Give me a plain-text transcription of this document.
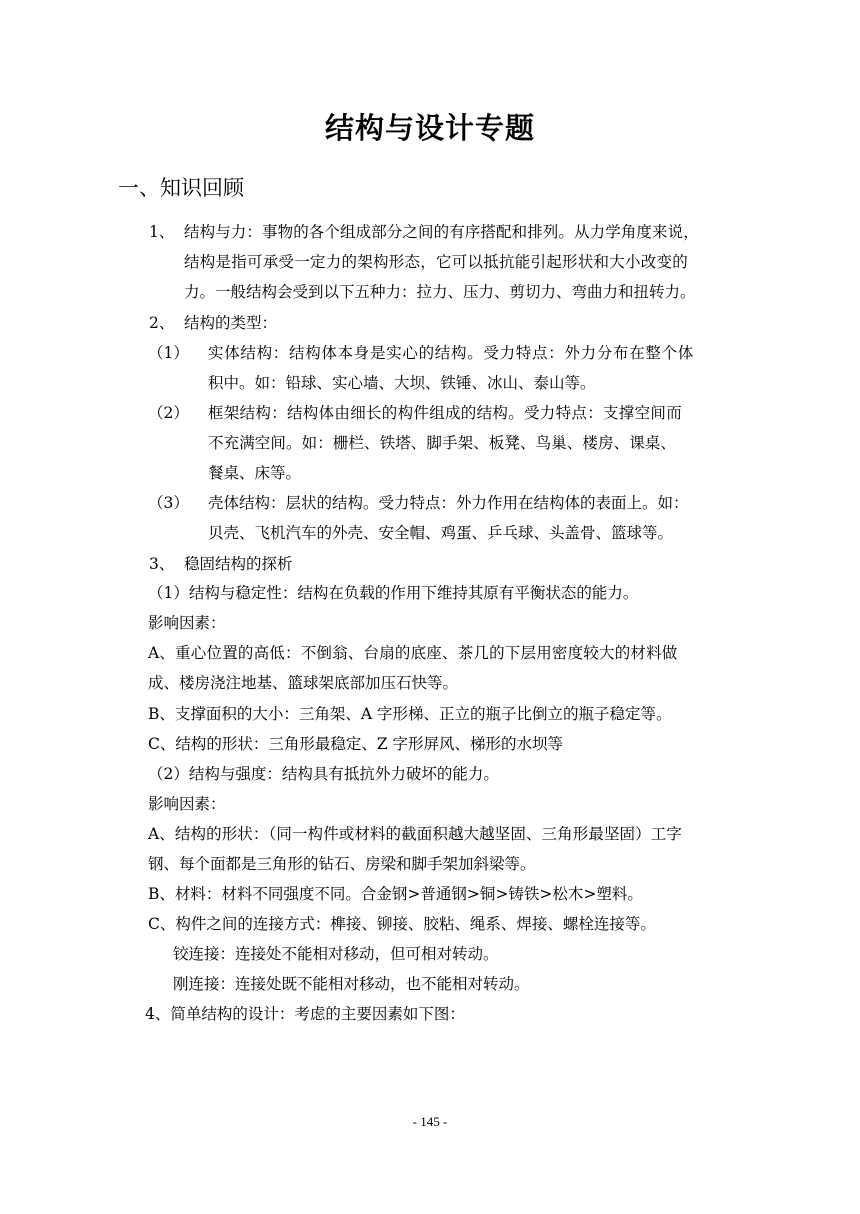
结构与设计专题
一、知识回顾
1、 结构与力：事物的各个组成部分之间的有序搭配和排列。从力学角度来说，
结构是指可承受一定力的架构形态，它可以抵抗能引起形状和大小改变的
力。一般结构会受到以下五种力：拉力、压力、剪切力、弯曲力和扭转力。
2、 结构的类型：
（1） 实体结构：结构体本身是实心的结构。受力特点：外力分布在整个体
积中。如：铅球、实心墙、大坝、铁锤、冰山、泰山等。
（2） 框架结构：结构体由细长的构件组成的结构。受力特点：支撑空间而
不充满空间。如：栅栏、铁塔、脚手架、板凳、鸟巢、楼房、课桌、
餐桌、床等。
（3） 壳体结构：层状的结构。受力特点：外力作用在结构体的表面上。如：
贝壳、飞机汽车的外壳、安全帽、鸡蛋、乒乓球、头盖骨、篮球等。
3、 稳固结构的探析
（1）结构与稳定性：结构在负载的作用下维持其原有平衡状态的能力。
影响因素：
A、重心位置的高低：不倒翁、台扇的底座、茶几的下层用密度较大的材料做
成、楼房浇注地基、篮球架底部加压石快等。
B、支撑面积的大小：三角架、A 字形梯、正立的瓶子比倒立的瓶子稳定等。
C、结构的形状：三角形最稳定、Z 字形屏风、梯形的水坝等
（2）结构与强度：结构具有抵抗外力破坏的能力。
影响因素：
A、结构的形状：（同一构件或材料的截面积越大越坚固、三角形最坚固）工字
钢、每个面都是三角形的钻石、房梁和脚手架加斜梁等。
B、材料：材料不同强度不同。合金钢>普通钢>铜>铸铁>松木>塑料。
C、构件之间的连接方式：榫接、铆接、胶粘、绳系、焊接、螺栓连接等。
铰连接：连接处不能相对移动，但可相对转动。
刚连接：连接处既不能相对移动，也不能相对转动。
4、简单结构的设计：考虑的主要因素如下图：
- 145 -
